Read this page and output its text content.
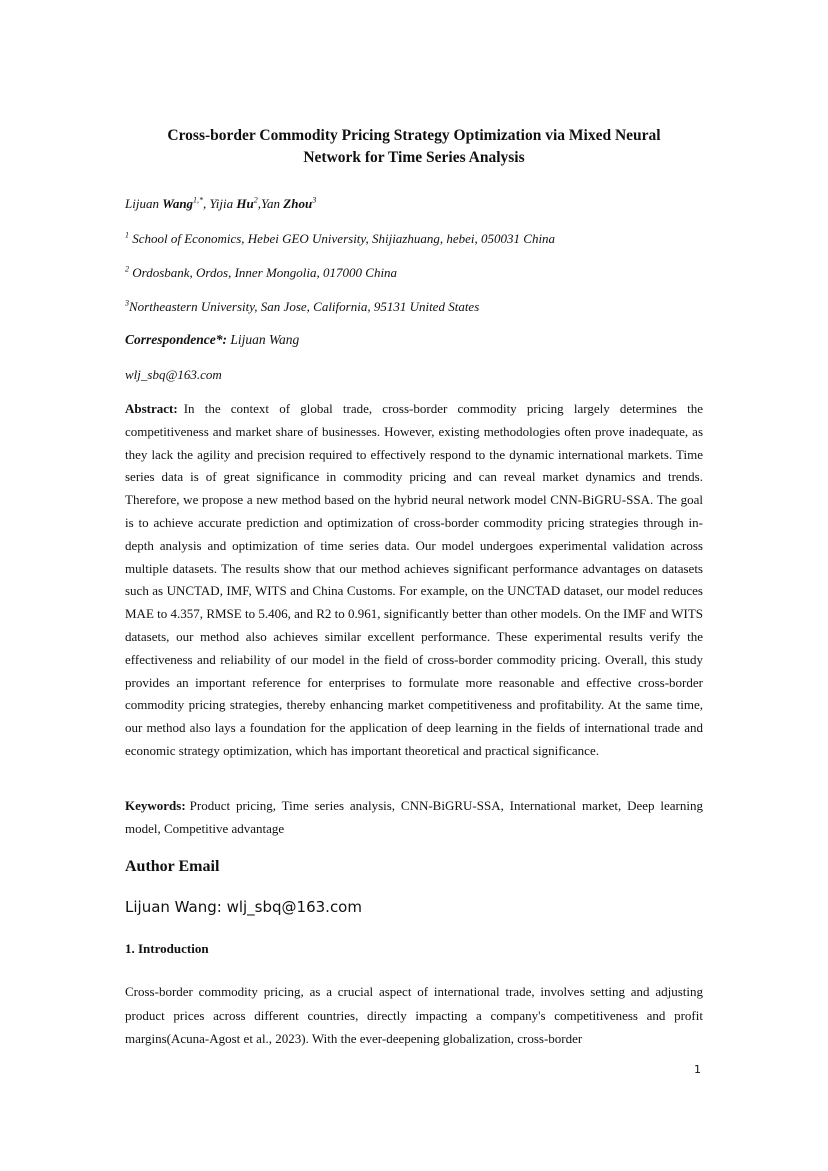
Cross-border Commodity Pricing Strategy Optimization via Mixed Neural
Network for Time Series Analysis
Lijuan Wang$^{1,*}$, Yijia Hu$^2$,Yan Zhou$^3$
$^1$ School of Economics, Hebei GEO University, Shijiazhuang, hebei, 050031 China
$^2$ Ordosbank, Ordos, Inner Mongolia, 017000 China
$^3$Northeastern University, San Jose, California, 95131 United States
Correspondence*: Lijuan Wang
wlj_sbq@163.com
Abstract: In the context of global trade, cross-border commodity pricing largely determines the competitiveness and market share of businesses. However, existing methodologies often prove inadequate, as they lack the agility and precision required to effectively respond to the dynamic international markets. Time series data is of great significance in commodity pricing and can reveal market dynamics and trends. Therefore, we propose a new method based on the hybrid neural network model CNN-BiGRU-SSA. The goal is to achieve accurate prediction and optimization of cross-border commodity pricing strategies through in-depth analysis and optimization of time series data. Our model undergoes experimental validation across multiple datasets. The results show that our method achieves significant performance advantages on datasets such as UNCTAD, IMF, WITS and China Customs. For example, on the UNCTAD dataset, our model reduces MAE to 4.357, RMSE to 5.406, and R2 to 0.961, significantly better than other models. On the IMF and WITS datasets, our method also achieves similar excellent performance. These experimental results verify the effectiveness and reliability of our model in the field of cross-border commodity pricing. Overall, this study provides an important reference for enterprises to formulate more reasonable and effective cross-border commodity pricing strategies, thereby enhancing market competitiveness and profitability. At the same time, our method also lays a foundation for the application of deep learning in the fields of international trade and economic strategy optimization, which has important theoretical and practical significance.
Keywords: Product pricing, Time series analysis, CNN-BiGRU-SSA, International market, Deep learning model, Competitive advantage
Author Email
Lijuan Wang: wlj_sbq@163.com
1. Introduction
Cross-border commodity pricing, as a crucial aspect of international trade, involves setting and adjusting product prices across different countries, directly impacting a company's competitiveness and profit margins(Acuna-Agost et al., 2023). With the ever-deepening globalization, cross-border
1
